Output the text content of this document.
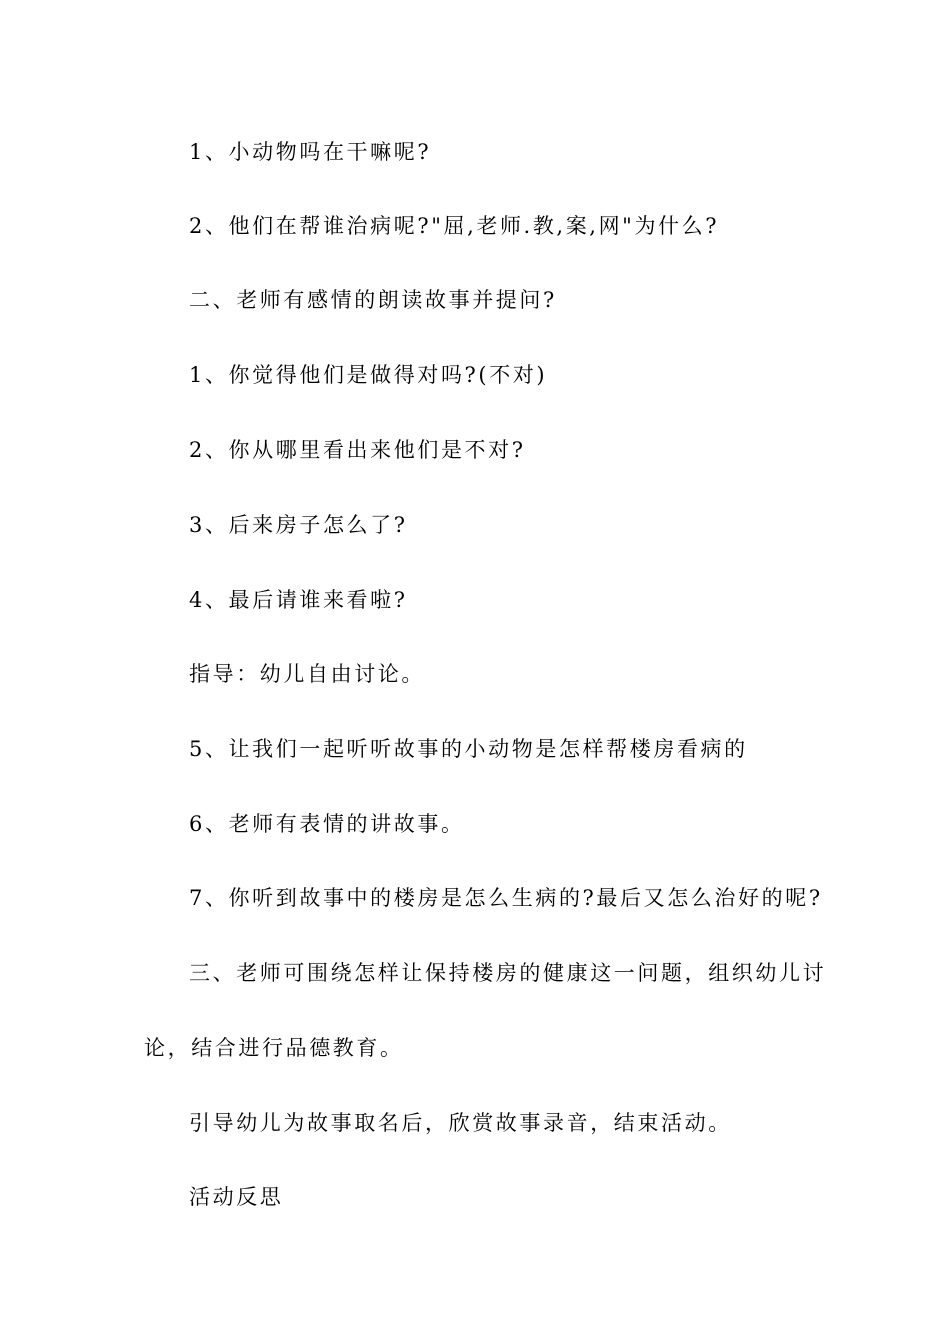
1、小动物吗在干嘛呢?
2、他们在帮谁治病呢?"屈,老师.教,案,网"为什么?
二、老师有感情的朗读故事并提问?
1、你觉得他们是做得对吗?(不对)
2、你从哪里看出来他们是不对?
3、后来房子怎么了?
4、最后请谁来看啦?
指导：幼儿自由讨论。
5、让我们一起听听故事的小动物是怎样帮楼房看病的
6、老师有表情的讲故事。
7、你听到故事中的楼房是怎么生病的?最后又怎么治好的呢?
三、老师可围绕怎样让保持楼房的健康这一问题，组织幼儿讨
论，结合进行品德教育。
引导幼儿为故事取名后，欣赏故事录音，结束活动。
活动反思
